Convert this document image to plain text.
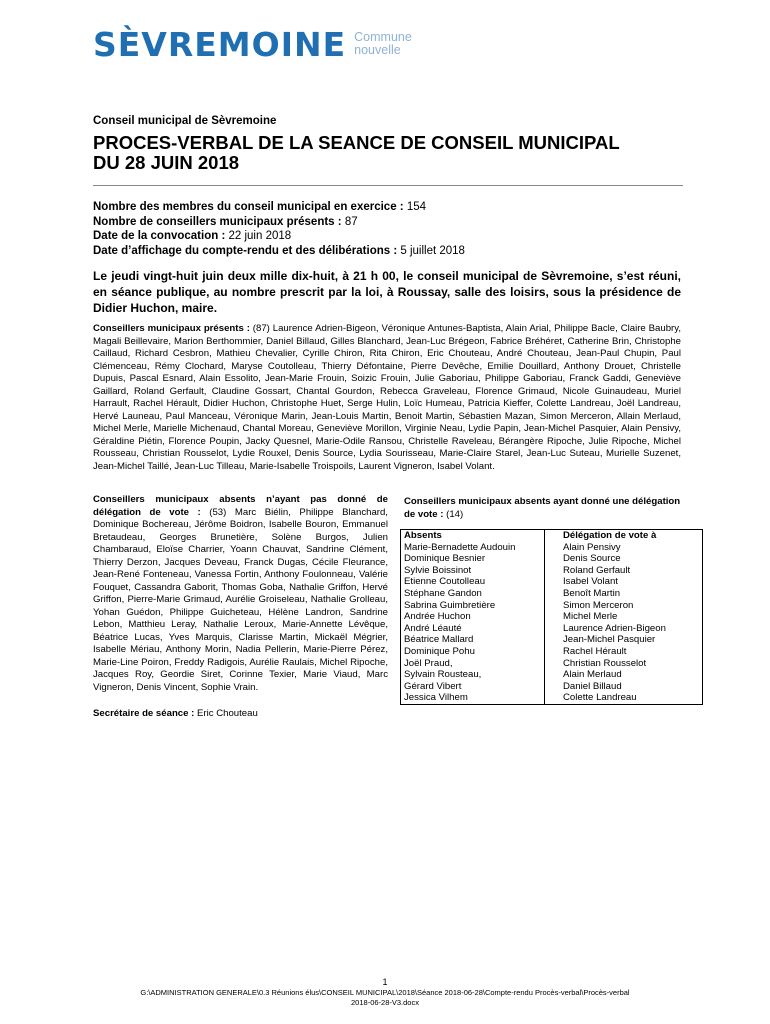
SÈVREMOINE Commune
nouvelle
Conseil municipal de Sèvremoine
PROCES-VERBAL DE LA SEANCE DE CONSEIL MUNICIPAL
DU 28 JUIN 2018
Nombre des membres du conseil municipal en exercice : 154
Nombre de conseillers municipaux présents : 87
Date de la convocation : 22 juin 2018
Date d’affichage du compte-rendu et des délibérations : 5 juillet 2018
Le jeudi vingt-huit juin deux mille dix-huit, à 21 h 00, le conseil municipal de Sèvremoine, s’est réuni, en séance publique, au nombre prescrit par la loi, à Roussay, salle des loisirs, sous la présidence de Didier Huchon, maire.
Conseillers municipaux présents : (87) Laurence Adrien-Bigeon, Véronique Antunes-Baptista, Alain Arial, Philippe Bacle, Claire Baubry, Magali Beillevaire, Marion Berthommier, Daniel Billaud, Gilles Blanchard, Jean-Luc Brégeon, Fabrice Bréhéret, Catherine Brin, Christophe Caillaud, Richard Cesbron, Mathieu Chevalier, Cyrille Chiron, Rita Chiron, Eric Chouteau, André Chouteau, Jean-Paul Chupin, Paul Clémenceau, Rémy Clochard, Maryse Coutolleau, Thierry Défontaine, Pierre Devêche, Emilie Douillard, Anthony Drouet, Christelle Dupuis, Pascal Esnard, Alain Essolito, Jean-Marie Frouin, Soizic Frouin, Julie Gaboriau, Philippe Gaboriau, Franck Gaddi, Geneviève Gaillard, Roland Gerfault, Claudine Gossart, Chantal Gourdon, Rebecca Graveleau, Florence Grimaud, Nicole Guinaudeau, Muriel Harrault, Rachel Hérault, Didier Huchon, Christophe Huet, Serge Hulin, Loïc Humeau, Patricia Kieffer, Colette Landreau, Joël Landreau, Hervé Launeau, Paul Manceau, Véronique Marin, Jean-Louis Martin, Benoit Martin, Sébastien Mazan, Simon Merceron, Allain Merlaud, Michel Merle, Marielle Michenaud, Chantal Moreau, Geneviève Morillon, Virginie Neau, Lydie Papin, Jean-Michel Pasquier, Alain Pensivy, Géraldine Piétin, Florence Poupin, Jacky Quesnel, Marie-Odile Ransou, Christelle Raveleau, Bérangère Ripoche, Julie Ripoche, Michel Rousseau, Christian Rousselot, Lydie Rouxel, Denis Source, Lydia Sourisseau, Marie-Claire Starel, Jean-Luc Suteau, Murielle Suzenet, Jean-Michel Taillé, Jean-Luc Tilleau, Marie-Isabelle Troispoils, Laurent Vigneron, Isabel Volant.
Conseillers municipaux absents n’ayant pas donné de délégation de vote : (53) Marc Biélin, Philippe Blanchard, Dominique Bochereau, Jérôme Boidron, Isabelle Bouron, Emmanuel Bretaudeau, Georges Brunetière, Solène Burgos, Julien Chambaraud, Eloïse Charrier, Yoann Chauvat, Sandrine Clément, Thierry Derzon, Jacques Deveau, Franck Dugas, Cécile Fleurance, Jean-René Fonteneau, Vanessa Fortin, Anthony Foulonneau, Valérie Fouquet, Cassandra Gaborit, Thomas Goba, Nathalie Griffon, Hervé Griffon, Pierre-Marie Grimaud, Aurélie Groiseleau, Nathalie Grolleau, Yohan Guédon, Philippe Guicheteau, Hélène Landron, Sandrine Lebon, Matthieu Leray, Nathalie Leroux, Marie-Annette Lévêque, Béatrice Lucas, Yves Marquis, Clarisse Martin, Mickaël Mégrier, Isabelle Mériau, Anthony Morin, Nadia Pellerin, Marie-Pierre Pérez, Marie-Line Poiron, Freddy Radigois, Aurélie Raulais, Michel Ripoche, Jacques Roy, Geordie Siret, Corinne Texier, Marie Viaud, Marc Vigneron, Denis Vincent, Sophie Vrain.
Secrétaire de séance : Eric Chouteau
Conseillers municipaux absents ayant donné une délégation de vote : (14)
Absents	Délégation de vote à
Marie-Bernadette Audouin	Alain Pensivy
Dominique Besnier	Denis Source
Sylvie Boissinot	Roland Gerfault
Etienne Coutolleau	Isabel Volant
Stéphane Gandon	Benoît Martin
Sabrina Guimbretière	Simon Merceron
Andrée Huchon	Michel Merle
André Léauté	Laurence Adrien-Bigeon
Béatrice Mallard	Jean-Michel Pasquier
Dominique Pohu	Rachel Hérault
Joël Praud,	Christian Rousselot
Sylvain Rousteau,	Alain Merlaud
Gérard Vibert	Daniel Billaud
Jessica Vilhem	Colette Landreau
1
G:\ADMINISTRATION GENERALE\0.3 Réunions élus\CONSEIL MUNICIPAL\2018\Séance 2018-06-28\Compte-rendu Procès-verbal\Procès-verbal
2018-06-28-V3.docx
